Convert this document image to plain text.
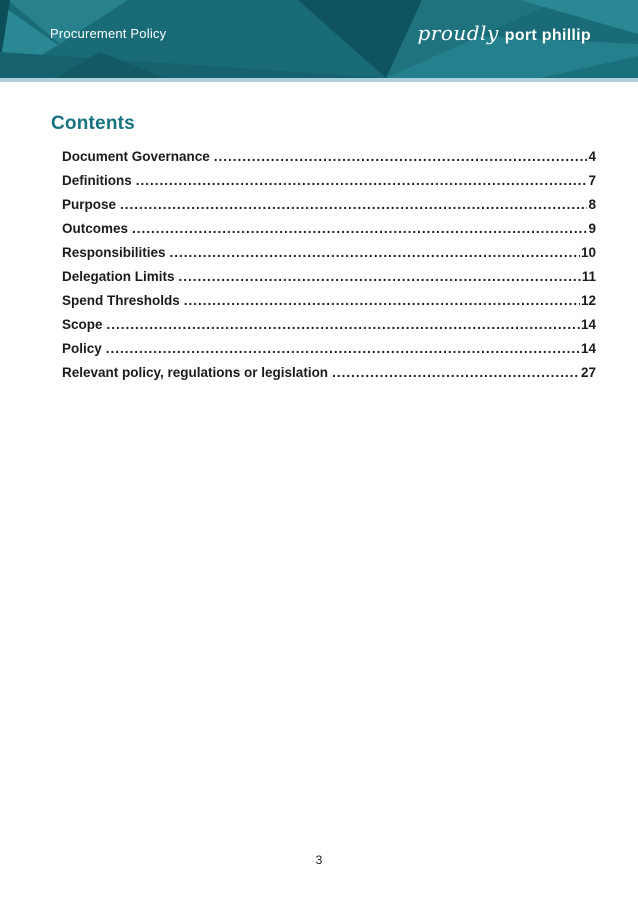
Procurement Policy	proudly port phillip
Contents
Document Governance .....	4
Definitions .....	7
Purpose .....	8
Outcomes .....	9
Responsibilities .....	10
Delegation Limits .....	11
Spend Thresholds .....	12
Scope .....	14
Policy .....	14
Relevant policy, regulations or legislation .....	27
3
